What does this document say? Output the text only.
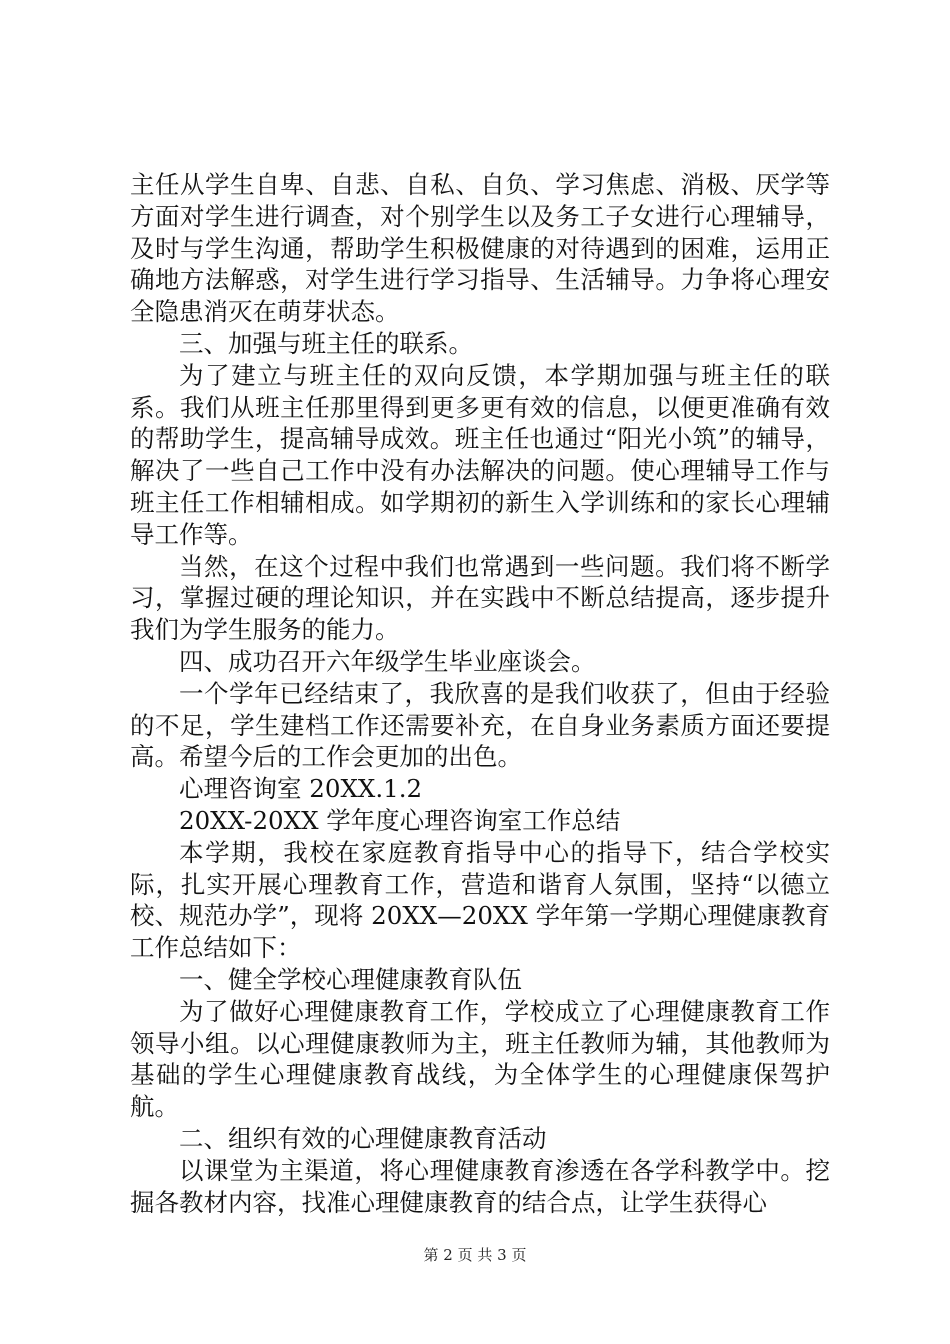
主任从学生自卑、自悲、自私、自负、学习焦虑、消极、厌学等方面对学生进行调查，对个别学生以及务工子女进行心理辅导，及时与学生沟通，帮助学生积极健康的对待遇到的困难，运用正确地方法解惑，对学生进行学习指导、生活辅导。力争将心理安全隐患消灭在萌芽状态。

三、加强与班主任的联系。

为了建立与班主任的双向反馈，本学期加强与班主任的联系。我们从班主任那里得到更多更有效的信息，以便更准确有效的帮助学生，提高辅导成效。班主任也通过“阳光小筑”的辅导，解决了一些自己工作中没有办法解决的问题。使心理辅导工作与班主任工作相辅相成。如学期初的新生入学训练和的家长心理辅导工作等。

当然，在这个过程中我们也常遇到一些问题。我们将不断学习，掌握过硬的理论知识，并在实践中不断总结提高，逐步提升我们为学生服务的能力。

四、成功召开六年级学生毕业座谈会。

一个学年已经结束了，我欣喜的是我们收获了，但由于经验的不足，学生建档工作还需要补充，在自身业务素质方面还要提高。希望今后的工作会更加的出色。

心理咨询室 20XX.1.2

20XX-20XX 学年度心理咨询室工作总结

本学期，我校在家庭教育指导中心的指导下，结合学校实际，扎实开展心理教育工作，营造和谐育人氛围，坚持“以德立校、规范办学”，现将 20XX—20XX 学年第一学期心理健康教育工作总结如下：

一、健全学校心理健康教育队伍

为了做好心理健康教育工作，学校成立了心理健康教育工作领导小组。以心理健康教师为主，班主任教师为辅，其他教师为基础的学生心理健康教育战线，为全体学生的心理健康保驾护航。

二、组织有效的心理健康教育活动

以课堂为主渠道，将心理健康教育渗透在各学科教学中。挖掘各教材内容，找准心理健康教育的结合点，让学生获得心

第 2 页 共 3 页
